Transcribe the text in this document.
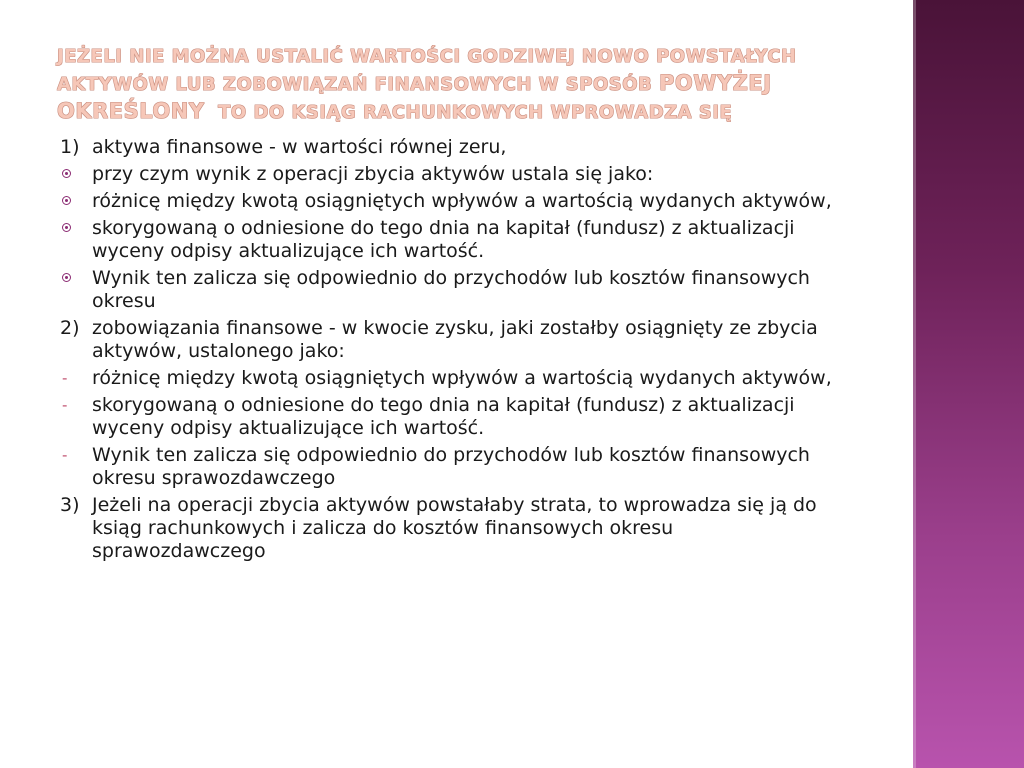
JEŻELI NIE MOŻNA USTALIĆ WARTOŚCI GODZIWEJ NOWO POWSTAŁYCH AKTYWÓW LUB ZOBOWIĄZAŃ FINANSOWYCH W SPOSÓB POWYŻEJ OKREŚLONY TO DO KSIĄG RACHUNKOWYCH WPROWADZA SIĘ
1) aktywa finansowe - w wartości równej zeru,
przy czym wynik z operacji zbycia aktywów ustala się jako:
różnicę między kwotą osiągniętych wpływów a wartością wydanych aktywów,
skorygowaną o odniesione do tego dnia na kapitał (fundusz) z aktualizacji wyceny odpisy aktualizujące ich wartość.
Wynik ten zalicza się odpowiednio do przychodów lub kosztów finansowych okresu
2) zobowiązania finansowe - w kwocie zysku, jaki zostałby osiągnięty ze zbycia aktywów, ustalonego jako:
- różnicę między kwotą osiągniętych wpływów a wartością wydanych aktywów,
- skorygowaną o odniesione do tego dnia na kapitał (fundusz) z aktualizacji wyceny odpisy aktualizujące ich wartość.
- Wynik ten zalicza się odpowiednio do przychodów lub kosztów finansowych okresu sprawozdawczego
3) Jeżeli na operacji zbycia aktywów powstałaby strata, to wprowadza się ją do ksiąg rachunkowych i zalicza do kosztów finansowych okresu sprawozdawczego
